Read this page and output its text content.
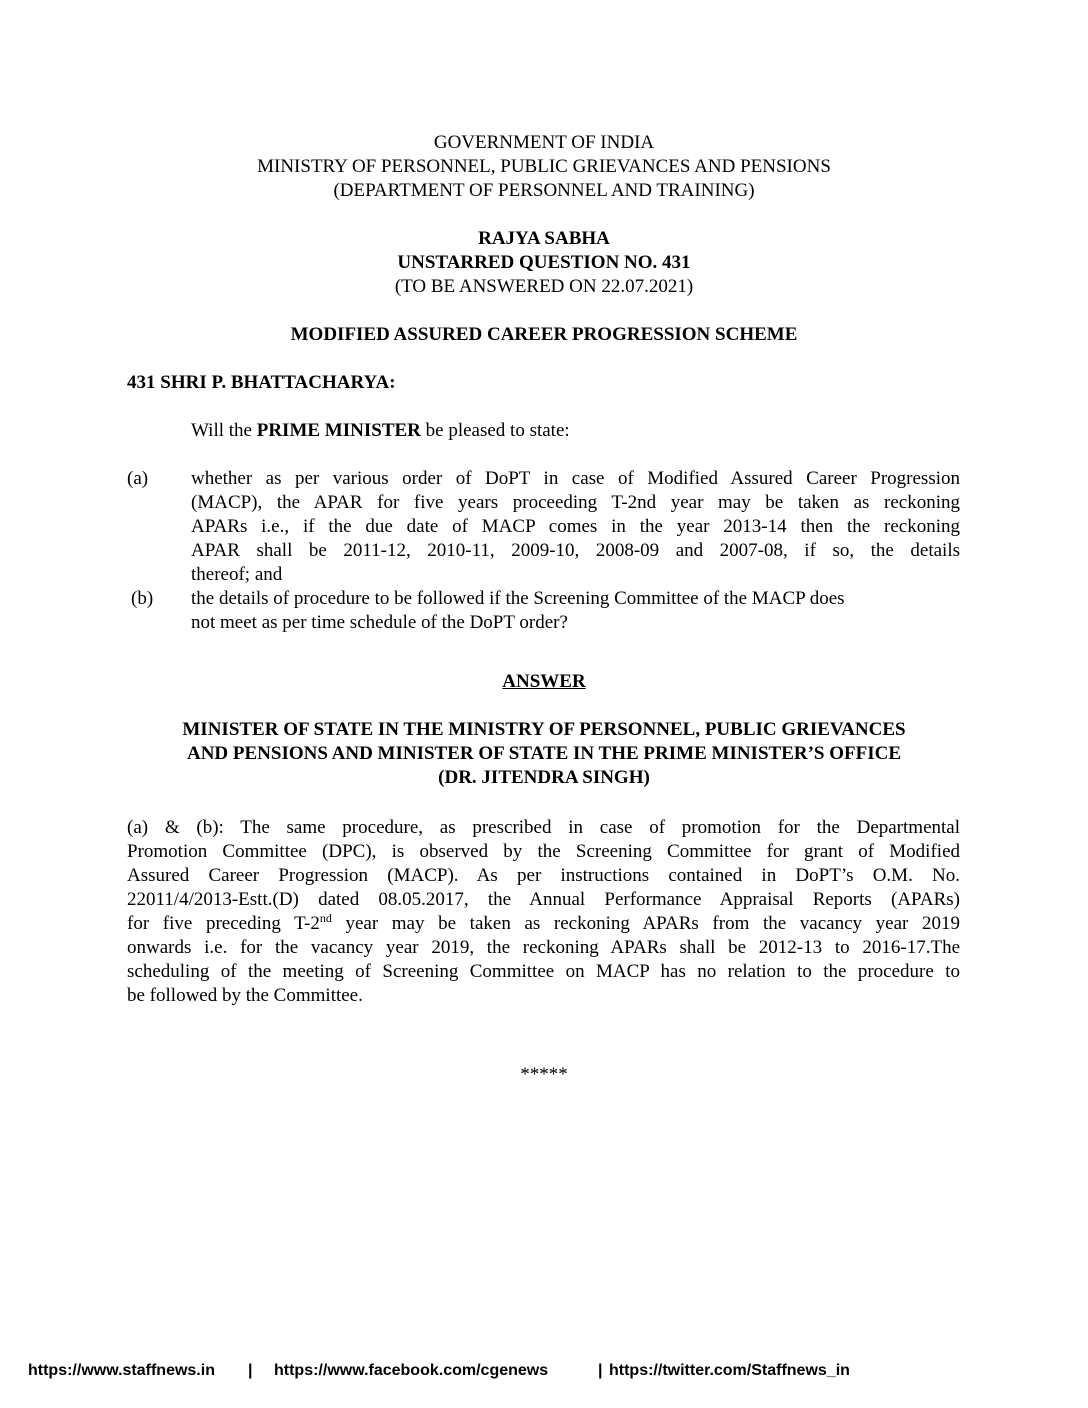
GOVERNMENT OF INDIA
MINISTRY OF PERSONNEL, PUBLIC GRIEVANCES AND PENSIONS
(DEPARTMENT OF PERSONNEL AND TRAINING)
RAJYA SABHA
UNSTARRED QUESTION NO. 431
(TO BE ANSWERED ON 22.07.2021)
MODIFIED ASSURED CAREER PROGRESSION SCHEME
431 SHRI P. BHATTACHARYA:
Will the PRIME MINISTER be pleased to state:
(a) whether as per various order of DoPT in case of Modified Assured Career Progression
(MACP), the APAR for five years proceeding T-2nd year may be taken as reckoning
APARs i.e., if the due date of MACP comes in the year 2013-14 then the reckoning
APAR shall be 2011-12, 2010-11, 2009-10, 2008-09 and 2007-08, if so, the details
thereof; and
(b) the details of procedure to be followed if the Screening Committee of the MACP does
not meet as per time schedule of the DoPT order?
ANSWER
MINISTER OF STATE IN THE MINISTRY OF PERSONNEL, PUBLIC GRIEVANCES
AND PENSIONS AND MINISTER OF STATE IN THE PRIME MINISTER’S OFFICE
(DR. JITENDRA SINGH)
(a) & (b): The same procedure, as prescribed in case of promotion for the Departmental
Promotion Committee (DPC), is observed by the Screening Committee for grant of Modified
Assured Career Progression (MACP). As per instructions contained in DoPT’s O.M. No.
22011/4/2013-Estt.(D) dated 08.05.2017, the Annual Performance Appraisal Reports (APARs)
for five preceding T-2nd year may be taken as reckoning APARs from the vacancy year 2019
onwards i.e. for the vacancy year 2019, the reckoning APARs shall be 2012-13 to 2016-17.The
scheduling of the meeting of Screening Committee on MACP has no relation to the procedure to
be followed by the Committee.
*****
https://www.staffnews.in | https://www.facebook.com/cgenews	| https://twitter.com/Staffnews_in
